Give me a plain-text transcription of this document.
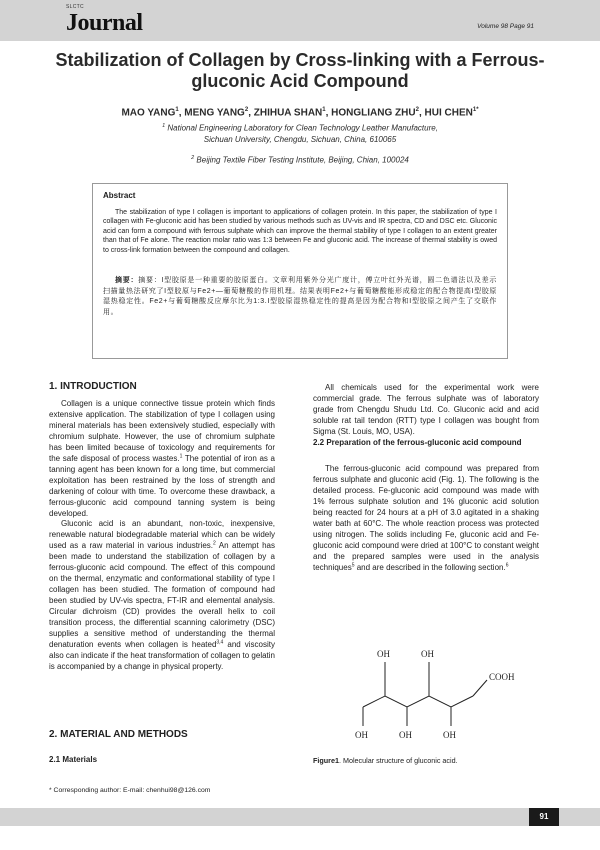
SLCTC
Journal	Volume 98 Page 91
Stabilization of Collagen by Cross-linking with a Ferrous-gluconic Acid Compound
MAO YANG$^1$, MENG YANG$^2$, ZHIHUA SHAN$^1$, HONGLIANG ZHU$^2$, HUI $CHEN^{1*}$
$^1$ National Engineering Laboratory for Clean Technology Leather Manufacture,
Sichuan University, Chengdu, Sichuan, China, 610065
$^2$ Beijing Textile Fiber Testing Institute, Beijing, Chian, 100024
Abstract
The stabilization of type I collagen is important to applications of collagen protein. In this paper, the stabilization of type I collagen with Fe-gluconic acid has been studied by various methods such as UV-vis and IR spectra, CD and DSC etc. Gluconic acid can form a compound with ferrous sulphate which can improve the thermal stability of type I collagen to an extent greater than that of Fe alone. The reaction molar ratio was 1:3 between Fe and gluconic acid. The increase of thermal stability is owed to cross-link formation between the compound and collagen.
摘要：摘要：I型胶原是一种重要的胶原蛋白。文章利用紫外分光广度计，傅立叶红外光谱，圆二色谱法以及差示扫描量热法研究了I型胶原与Fe2+—葡萄糖酸的作用机理。结果表明Fe2+与葡萄糖酸能形成稳定的配合物提高I型胶原湿热稳定性。Fe2+与葡萄糖酸反应摩尔比为1:3.I型胶原湿热稳定性的提高是因为配合物和I型胶原之间产生了交联作用。
1. INTRODUCTION

Collagen is a unique connective tissue protein which finds extensive application. The stabilization of type I collagen using mineral materials has been extensively studied, especially with chromium sulphate. However, the use of chromium sulphate has been limited because of toxicology and requirements for the safe disposal of process wastes.$^1$ The potential of iron as a tanning agent has been known for a long time, but commercial exploitation has been restrained by the loss of strength and darkening of colour with time. To overcome these drawback, a ferrous-gluconic acid compound tanning system is being developed.

Gluconic acid is an abundant, non-toxic, inexpensive, renewable natural biodegradable material which can be widely used as a raw material in various industries.$^2$ An attempt has been made to understand the stabilization of collagen by a ferrous-gluconic acid compound. The effect of this compound on the thermal, enzymatic and conformational stability of type I collagen has been studied. The formation of compound had been studied by UV-vis spectra, FT-IR and elemental analysis. Circular dichroism (CD) provides the overall helix to coil transition process, the differential scanning calorimetry (DSC) supplies a sensitive method of understanding the thermal denaturation events when collagen is heated$^{3,4}$ and viscosity also can indicate if the heat transformation of collagen to gelatin is accompanied by a change in physical property.

2. MATERIAL AND METHODS
2.1 Materials

All chemicals used for the experimental work were commercial grade. The ferrous sulphate was of laboratory grade from Chengdu Shudu Ltd. Co. Gluconic acid and acid soluble rat tail tendon (RTT) type I collagen was bought from Sigma (St. Louis, MO, USA).

2.2 Preparation of the ferrous-gluconic acid compound

The ferrous-gluconic acid compound was prepared from ferrous sulphate and gluconic acid (Fig. 1). The following is the detailed process. Fe-gluconic acid compound was made with 1% ferrous sulphate solution and 1% gluconic acid solution being reacted for 24 hours at a pH of 3.0 agitated in a shaking water bath at 60°C. The whole reaction process was protected using nitrogen. The solids including Fe, gluconic acid and Fe-gluconic acid compound were dried at 100°C to constant weight and the prepared samples were used in the analysis techniques$^5$ and are described in the following section.$^6$

OH	OH
OH	OH	OH
COOH
Figure1. Molecular structure of gluconic acid.
* Corresponding author: E-mail: chenhui98@126.com
91
